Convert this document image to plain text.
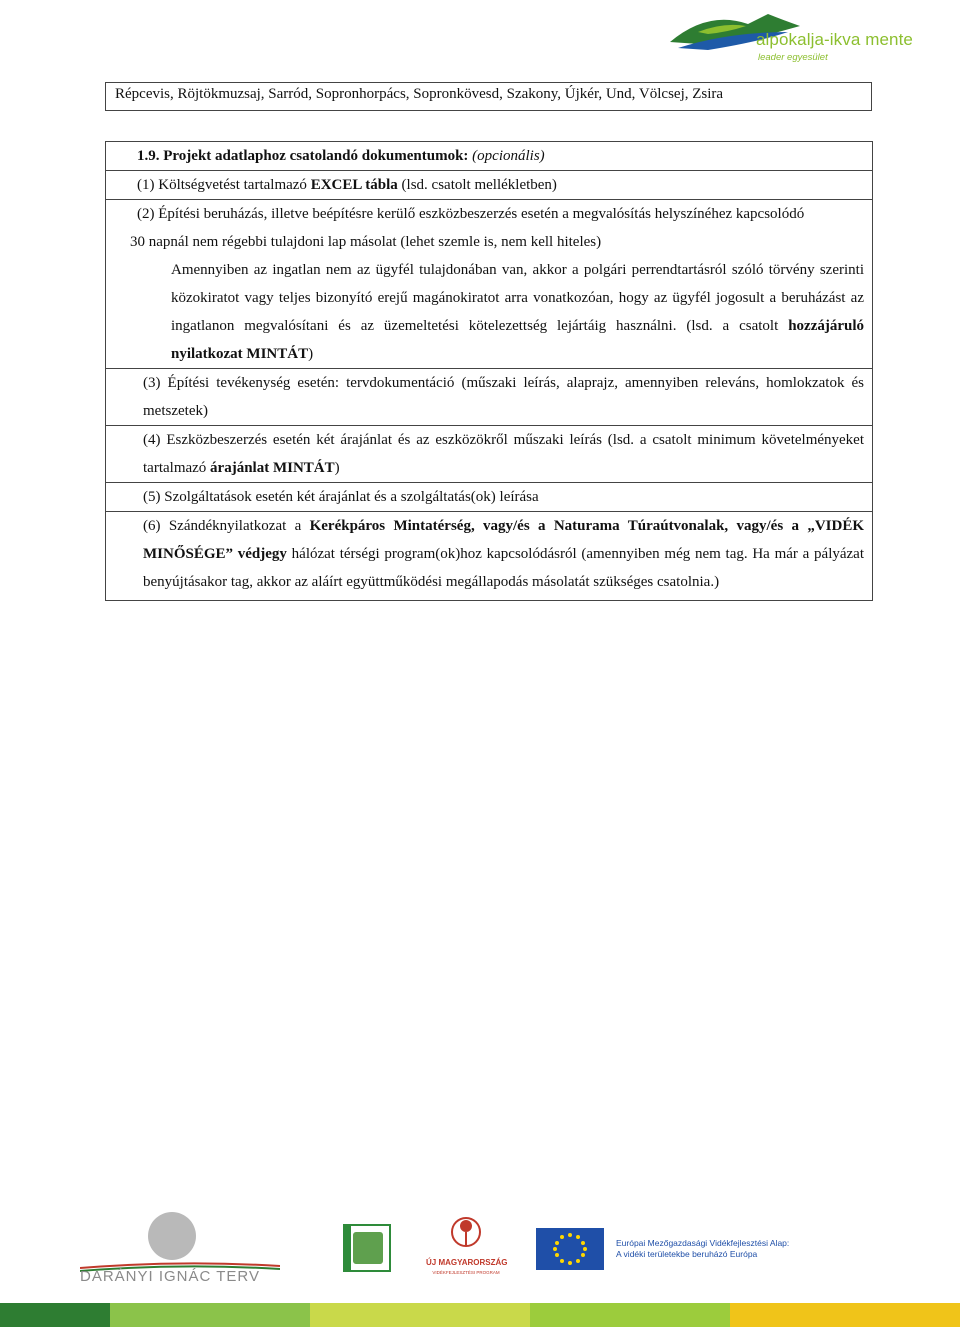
alpokalja-ikva mente
leader egyesület
Répcevis, Röjtökmuzsaj, Sarród, Sopronhorpács, Sopronkövesd, Szakony, Újkér, Und, Völcsej, Zsira
1.9. Projekt adatlaphoz csatolandó dokumentumok: (opcionális)
(1) Költségvetést tartalmazó EXCEL tábla (lsd. csatolt mellékletben)
(2) Építési beruházás, illetve beépítésre kerülő eszközbeszerzés esetén a megvalósítás helyszínéhez kapcsolódó
30 napnál nem régebbi tulajdoni lap másolat (lehet szemle is, nem kell hiteles)
Amennyiben az ingatlan nem az ügyfél tulajdonában van, akkor a polgári perrendtartásról szóló törvény szerinti közokiratot vagy teljes bizonyító erejű magánokiratot arra vonatkozóan, hogy az ügyfél jogosult a beruházást az ingatlanon megvalósítani és az üzemeltetési kötelezettség lejártáig használni. (lsd. a csatolt hozzájáruló nyilatkozat MINTÁT)
(3) Építési tevékenység esetén: tervdokumentáció (műszaki leírás, alaprajz, amennyiben releváns, homlokzatok és metszetek)
(4) Eszközbeszerzés esetén két árajánlat és az eszközökről műszaki leírás (lsd. a csatolt minimum követelményeket tartalmazó árajánlat MINTÁT)
(5) Szolgáltatások esetén két árajánlat és a szolgáltatás(ok) leírása
(6) Szándéknyilatkozat a Kerékpáros Mintatérség, vagy/és a Naturama Túraútvonalak, vagy/és a „VIDÉK MINŐSÉGE” védjegy hálózat térségi program(ok)hoz kapcsolódásról (amennyiben még nem tag. Ha már a pályázat benyújtásakor tag, akkor az aláírt együttműködési megállapodás másolatát szükséges csatolnia.)
DARÁNYI IGNÁC TERV
ÚJ MAGYARORSZÁG
VIDÉKFEJLESZTÉSI PROGRAM
Európai Mezőgazdasági Vidékfejlesztési Alap:
A vidéki területekbe beruházó Európa
